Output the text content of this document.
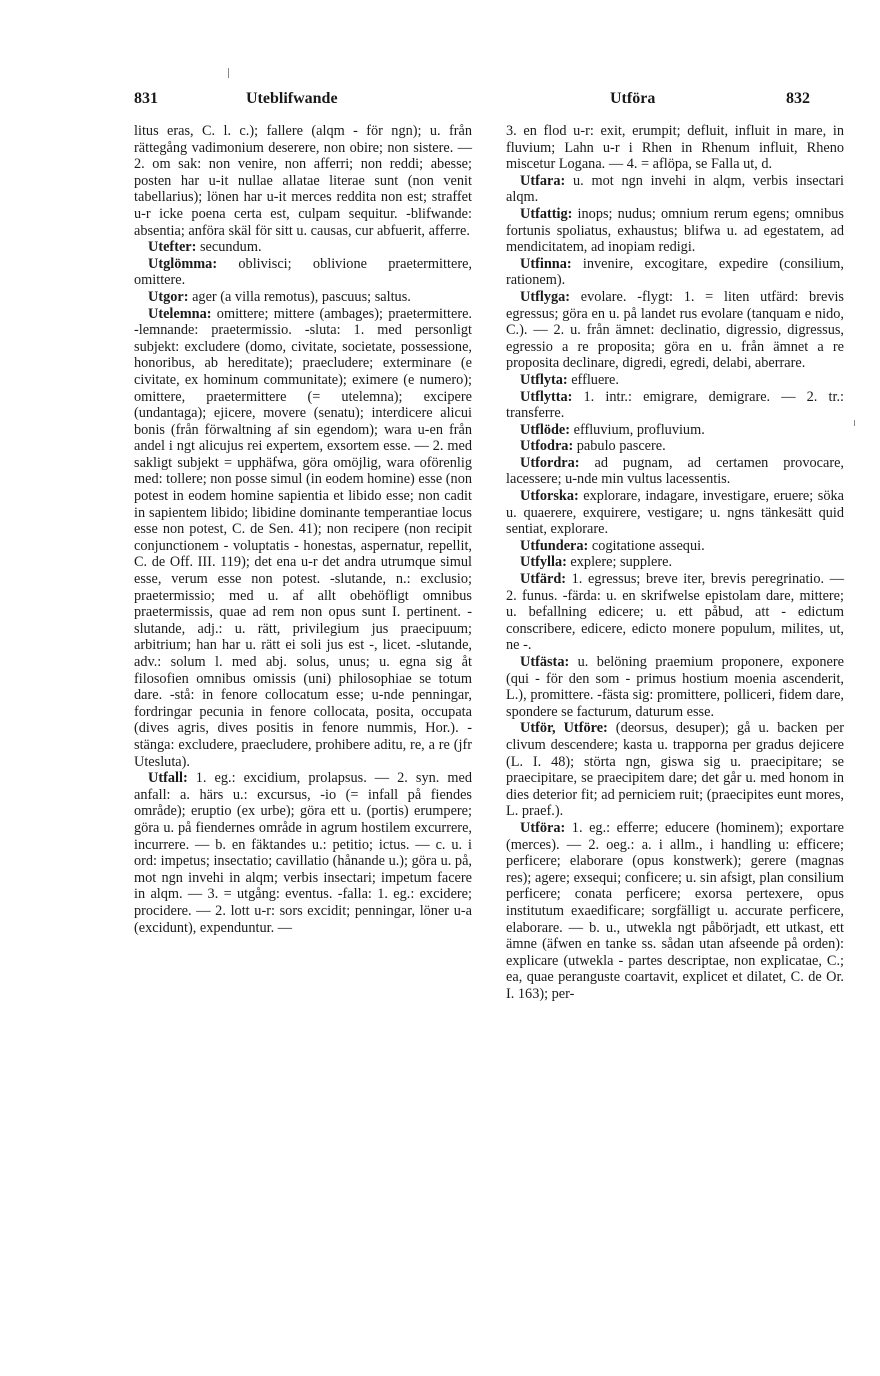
831	Uteblifwande	Utföra	832

litus eras, C. l. c.); fallere (alqm - för ngn); u. från rättegång vadimonium deserere, non obire; non sistere. — 2. om sak: non venire, non afferri; non reddi; abesse; posten har u-it nullae allatae literae sunt (non venit tabellarius); lönen har u-it merces reddita non est; straffet u-r icke poena certa est, culpam sequitur. -blifwande: absentia; anföra skäl för sitt u. causas, cur abfuerit, afferre.

Utefter: secundum.

Utglömma: oblivisci; oblivione praetermittere, omittere.

Utgor: ager (a villa remotus), pascuus; saltus.

Utelemna: omittere; mittere (ambages); praetermittere. -lemnande: praetermissio. -sluta: 1. med personligt subjekt: excludere (domo, civitate, societate, possessione, honoribus, ab hereditate); praecludere; exterminare (e civitate, ex hominum communitate); eximere (e numero); omittere, praetermittere (= utelemna); excipere (undantaga); ejicere, movere (senatu); interdicere alicui bonis (från förwaltning af sin egendom); wara u-en från andel i ngt alicujus rei expertem, exsortem esse. — 2. med sakligt subjekt = upphäfwa, göra omöjlig, wara oförenlig med: tollere; non posse simul (in eodem homine) esse (non potest in eodem homine sapientia et libido esse; non cadit in sapientem libido; libidine dominante temperantiae locus esse non potest, C. de Sen. 41); non recipere (non recipit conjunctionem - voluptatis - honestas, aspernatur, repellit, C. de Off. III. 119); det ena u-r det andra utrumque simul esse, verum esse non potest. -slutande, n.: exclusio; praetermissio; med u. af allt obehöfligt omnibus praetermissis, quae ad rem non opus sunt I. pertinent. -slutande, adj.: u. rätt, privilegium jus praecipuum; arbitrium; han har u. rätt ei soli jus est -, licet. -slutande, adv.: solum l. med abj. solus, unus; u. egna sig åt filosofien omnibus omissis (uni) philosophiae se totum dare. -stå: in fenore collocatum esse; u-nde penningar, fordringar pecunia in fenore collocata, posita, occupata (dives agris, dives positis in fenore nummis, Hor.). -stänga: excludere, praecludere, prohibere aditu, re, a re (jfr Utesluta).

Utfall: 1. eg.: excidium, prolapsus. — 2. syn. med anfall: a. härs u.: excursus, -io (= infall på fiendes område); eruptio (ex urbe); göra ett u. (portis) erumpere; göra u. på fiendernes område in agrum hostilem excurrere, incurrere. — b. en fäktandes u.: petitio; ictus. — c. u. i ord: impetus; insectatio; cavillatio (hånande u.); göra u. på, mot ngn invehi in alqm; verbis insectari; impetum facere in alqm. — 3. = utgång: eventus. -falla: 1. eg.: excidere; procidere. — 2. lott u-r: sors excidit; penningar, löner u-a (excidunt), expenduntur. —

3. en flod u-r: exit, erumpit; defluit, influit in mare, in fluvium; Lahn u-r i Rhen in Rhenum influit, Rheno miscetur Logana. — 4. = aflöpa, se Falla ut, d.

Utfara: u. mot ngn invehi in alqm, verbis insectari alqm.

Utfattig: inops; nudus; omnium rerum egens; omnibus fortunis spoliatus, exhaustus; blifwa u. ad egestatem, ad mendicitatem, ad inopiam redigi.

Utfinna: invenire, excogitare, expedire (consilium, rationem).

Utflyga: evolare. -flygt: 1. = liten utfärd: brevis egressus; göra en u. på landet rus evolare (tanquam e nido, C.). — 2. u. från ämnet: declinatio, digressio, digressus, egressio a re proposita; göra en u. från ämnet a re proposita declinare, digredi, egredi, delabi, aberrare.

Utflyta: effluere.

Utflytta: 1. intr.: emigrare, demigrare. — 2. tr.: transferre.

Utflöde: effluvium, profluvium.

Utfodra: pabulo pascere.

Utfordra: ad pugnam, ad certamen provocare, lacessere; u-nde min vultus lacessentis.

Utforska: explorare, indagare, investigare, eruere; söka u. quaerere, exquirere, vestigare; u. ngns tänkesätt quid sentiat, explorare.

Utfundera: cogitatione assequi.

Utfylla: explere; supplere.

Utfärd: 1. egressus; breve iter, brevis peregrinatio. — 2. funus. -färda: u. en skrifwelse epistolam dare, mittere; u. befallning edicere; u. ett påbud, att - edictum conscribere, edicere, edicto monere populum, milites, ut, ne -.

Utfästa: u. belöning praemium proponere, exponere (qui - för den som - primus hostium moenia ascenderit, L.), promittere. -fästa sig: promittere, polliceri, fidem dare, spondere se facturum, daturum esse.

Utför, Utföre: (deorsus, desuper); gå u. backen per clivum descendere; kasta u. trapporna per gradus dejicere (L. I. 48); störta ngn, giswa sig u. praecipitare; se praecipitare, se praecipitem dare; det går u. med honom in dies deterior fit; ad perniciem ruit; (praecipites eunt mores, L. praef.).

Utföra: 1. eg.: efferre; educere (hominem); exportare (merces). — 2. oeg.: a. i allm., i handling u: efficere; perficere; elaborare (opus konstwerk); gerere (magnas res); agere; exsequi; conficere; u. sin afsigt, plan consilium perficere; conata perficere; exorsa pertexere, opus institutum exaedificare; sorgfälligt u. accurate perficere, elaborare. — b. u., utwekla ngt påbörjadt, ett utkast, ett ämne (äfwen en tanke ss. sådan utan afseende på orden): explicare (utwekla - partes descriptae, non explicatae, C.; ea, quae peranguste coartavit, explicet et dilatet, C. de Or. I. 163); per-
